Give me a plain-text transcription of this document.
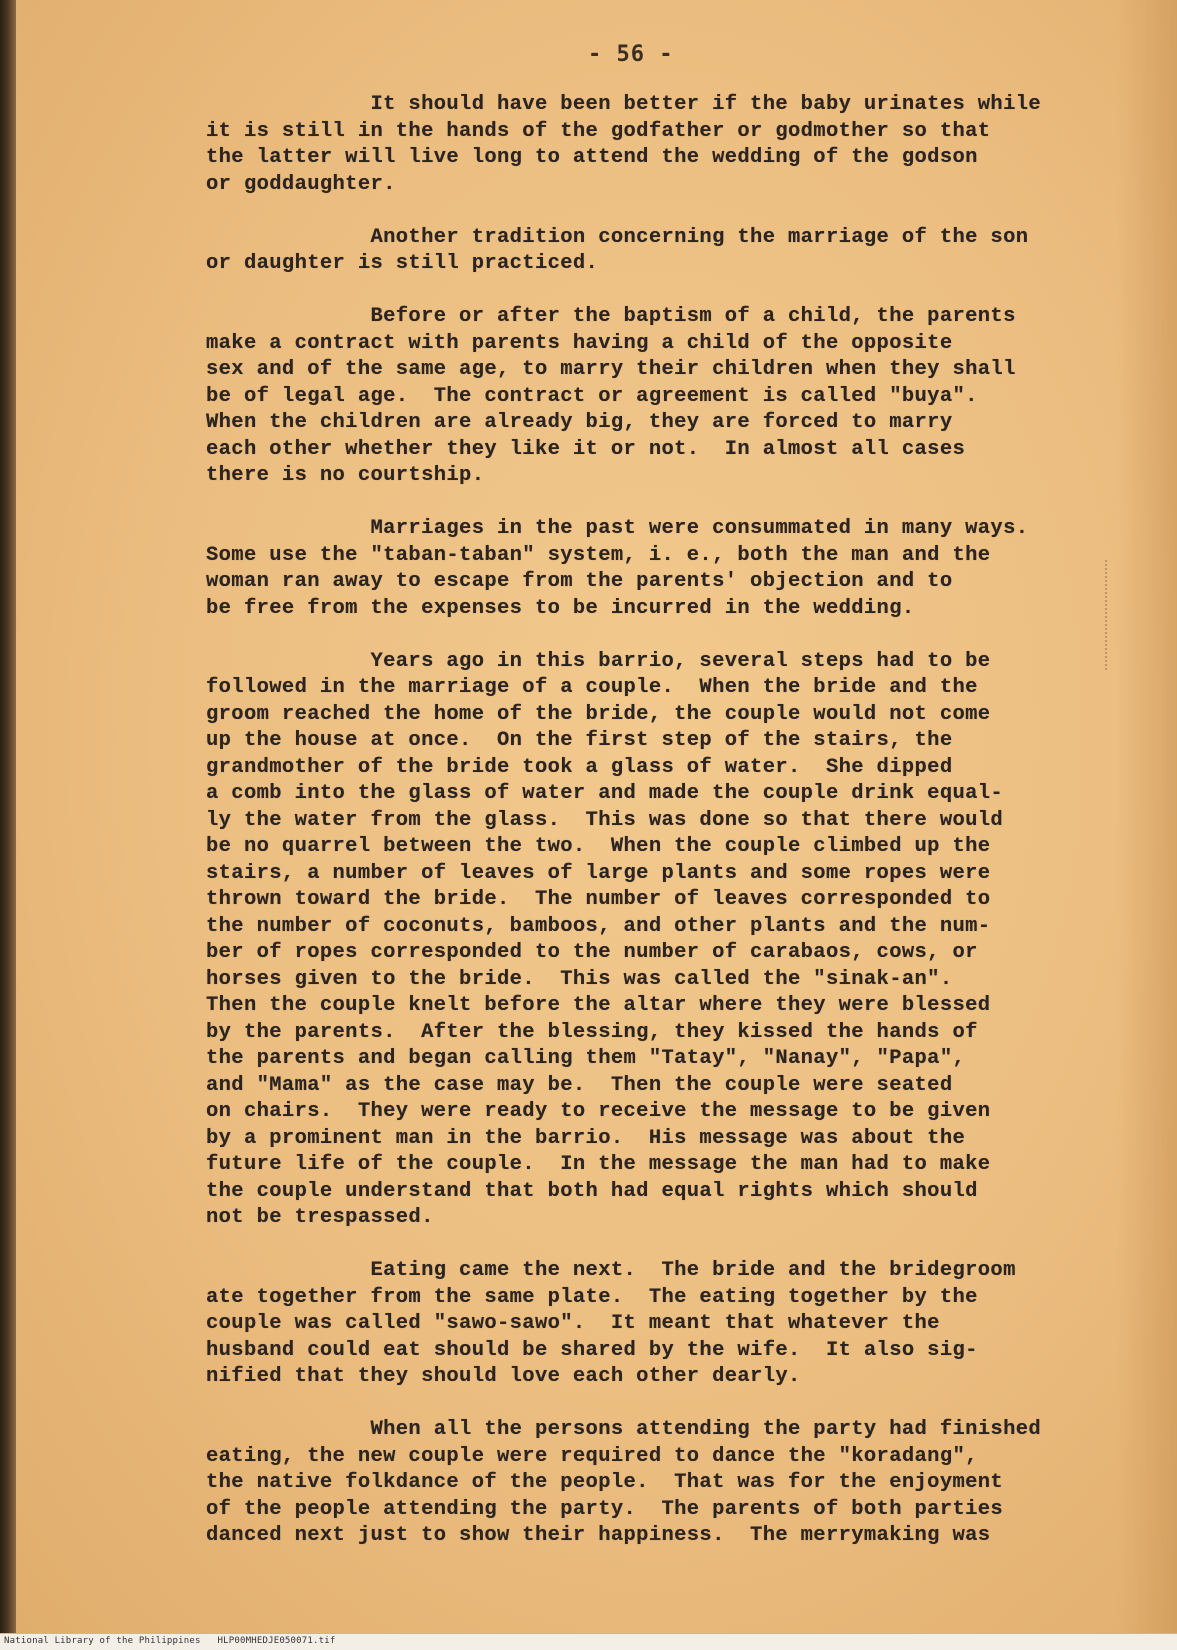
- 56 -
It should have been better if the baby urinates while
it is still in the hands of the godfather or godmother so that
the latter will live long to attend the wedding of the godson
or goddaughter.
Another tradition concerning the marriage of the son
or daughter is still practiced.
Before or after the baptism of a child, the parents
make a contract with parents having a child of the opposite
sex and of the same age, to marry their children when they shall
be of legal age.  The contract or agreement is called "buya".
When the children are already big, they are forced to marry
each other whether they like it or not.  In almost all cases
there is no courtship.
Marriages in the past were consummated in many ways.
Some use the "taban-taban" system, i. e., both the man and the
woman ran away to escape from the parents' objection and to
be free from the expenses to be incurred in the wedding.
Years ago in this barrio, several steps had to be
followed in the marriage of a couple.  When the bride and the
groom reached the home of the bride, the couple would not come
up the house at once.  On the first step of the stairs, the
grandmother of the bride took a glass of water.  She dipped
a comb into the glass of water and made the couple drink equal-
ly the water from the glass.  This was done so that there would
be no quarrel between the two.  When the couple climbed up the
stairs, a number of leaves of large plants and some ropes were
thrown toward the bride.  The number of leaves corresponded to
the number of coconuts, bamboos, and other plants and the num-
ber of ropes corresponded to the number of carabaos, cows, or
horses given to the bride.  This was called the "sinak-an".
Then the couple knelt before the altar where they were blessed
by the parents.  After the blessing, they kissed the hands of
the parents and began calling them "Tatay", "Nanay", "Papa",
and "Mama" as the case may be.  Then the couple were seated
on chairs.  They were ready to receive the message to be given
by a prominent man in the barrio.  His message was about the
future life of the couple.  In the message the man had to make
the couple understand that both had equal rights which should
not be trespassed.
Eating came the next.  The bride and the bridegroom
ate together from the same plate.  The eating together by the
couple was called "sawo-sawo".  It meant that whatever the
husband could eat should be shared by the wife.  It also sig-
nified that they should love each other dearly.
When all the persons attending the party had finished
eating, the new couple were required to dance the "koradang",
the native folkdance of the people.  That was for the enjoyment
of the people attending the party.  The parents of both parties
danced next just to show their happiness.  The merrymaking was
National Library of the Philippines HLP00MHEDJE050071.tif
